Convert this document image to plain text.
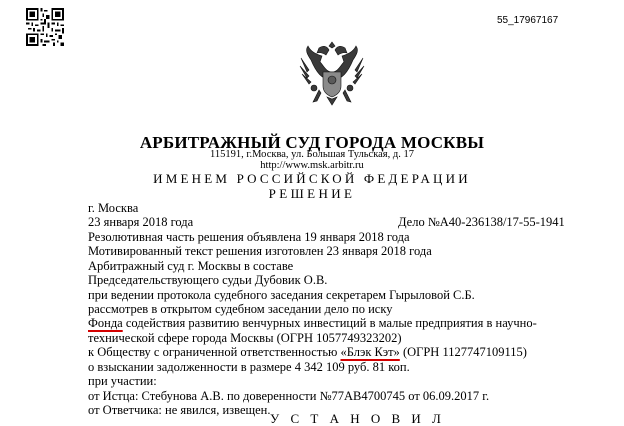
55_17967167
АРБИТРАЖНЫЙ СУД ГОРОДА МОСКВЫ
115191, г.Москва, ул. Большая Тульская, д. 17
http://www.msk.arbitr.ru
ИМЕНЕМ РОССИЙСКОЙ ФЕДЕРАЦИИ
РЕШЕНИЕ
г. Москва
23 января 2018 года	Дело №А40-236138/17-55-1941
Резолютивная часть решения объявлена 19 января 2018 года
Мотивированный текст решения изготовлен 23 января 2018 года
Арбитражный суд г. Москвы в составе
Председательствующего судьи Дубовик О.В.
при ведении протокола судебного заседания секретарем Гырыловой С.Б.
рассмотрев в открытом судебном заседании дело по иску
Фонда содействия развитию венчурных инвестиций в малые предприятия в научно-
технической сфере города Москвы (ОГРН 1057749323202)
к Обществу с ограниченной ответственностью «Блэк Кэт» (ОГРН 1127747109115)
о взыскании задолженности в размере 4 342 109 руб. 81 коп.
при участии:
от Истца: Стебунова А.В. по доверенности №77АВ4700745 от 06.09.2017 г.
от Ответчика: не явился, извещен.
У С Т А Н О В И Л
